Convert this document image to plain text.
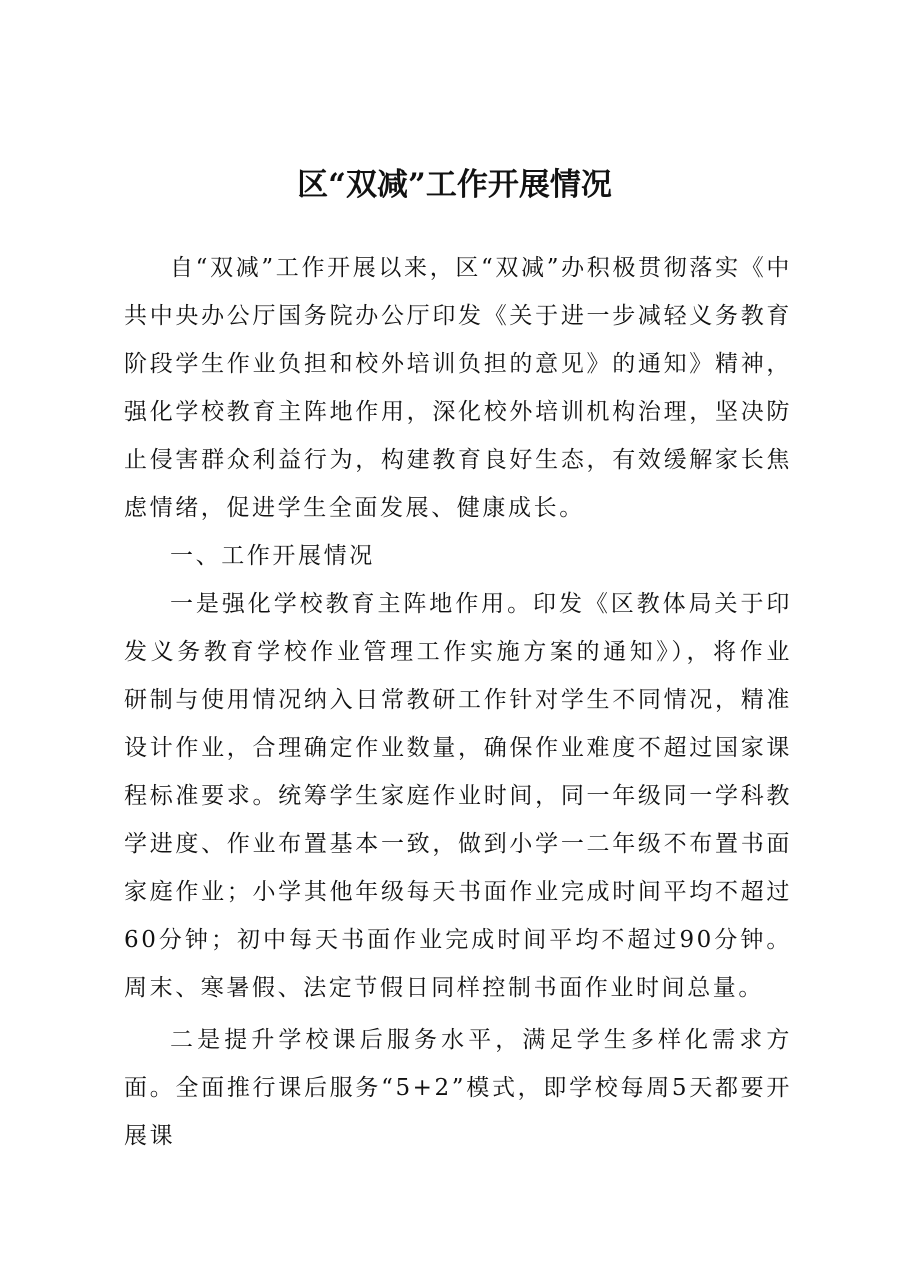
区“双减”工作开展情况

自“双减”工作开展以来，区“双减”办积极贯彻落实《中共中央办公厅国务院办公厅印发《关于进一步减轻义务教育阶段学生作业负担和校外培训负担的意见》的通知》精神，强化学校教育主阵地作用，深化校外培训机构治理，坚决防止侵害群众利益行为，构建教育良好生态，有效缓解家长焦虑情绪，促进学生全面发展、健康成长。

一、工作开展情况

一是强化学校教育主阵地作用。印发《区教体局关于印发义务教育学校作业管理工作实施方案的通知》），将作业研制与使用情况纳入日常教研工作针对学生不同情况，精准设计作业，合理确定作业数量，确保作业难度不超过国家课程标准要求。统筹学生家庭作业时间，同一年级同一学科教学进度、作业布置基本一致，做到小学一二年级不布置书面家庭作业；小学其他年级每天书面作业完成时间平均不超过60分钟；初中每天书面作业完成时间平均不超过90分钟。周末、寒暑假、法定节假日同样控制书面作业时间总量。

二是提升学校课后服务水平，满足学生多样化需求方面。全面推行课后服务“5+2”模式，即学校每周5天都要开展课
